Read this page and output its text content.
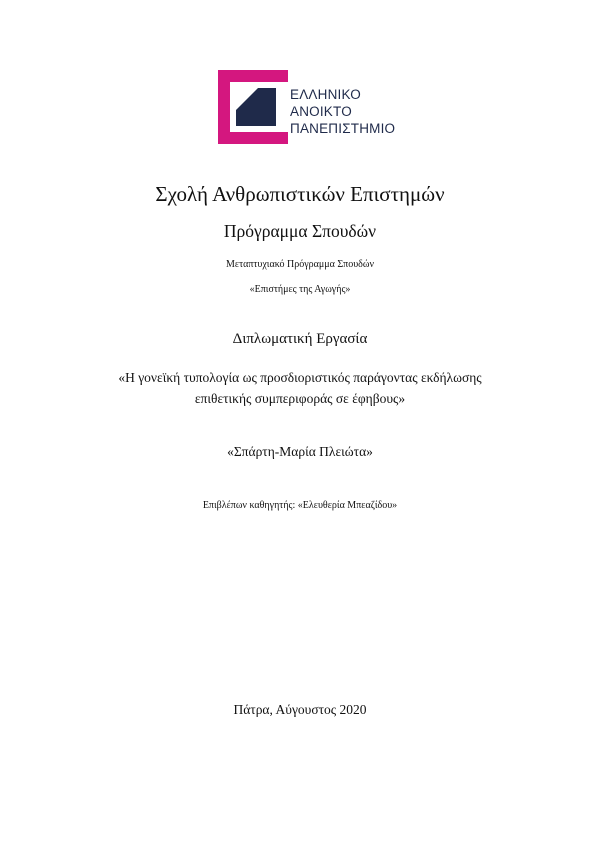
ΕΛΛΗΝΙΚΟ
ΑΝΟΙΚΤΟ
ΠΑΝΕΠΙΣΤΗΜΙΟ
Σχολή Ανθρωπιστικών Επιστημών
Πρόγραμμα Σπουδών
Μεταπτυχιακό Πρόγραμμα Σπουδών
«Επιστήμες της Αγωγής»
Διπλωματική Εργασία
«Η γονεϊκή τυπολογία ως προσδιοριστικός παράγοντας εκδήλωσης
επιθετικής συμπεριφοράς σε έφηβους»
«Σπάρτη-Μαρία Πλειώτα»
Επιβλέπων καθηγητής: «Ελευθερία Μπεαζίδου»
Πάτρα, Αύγουστος 2020
